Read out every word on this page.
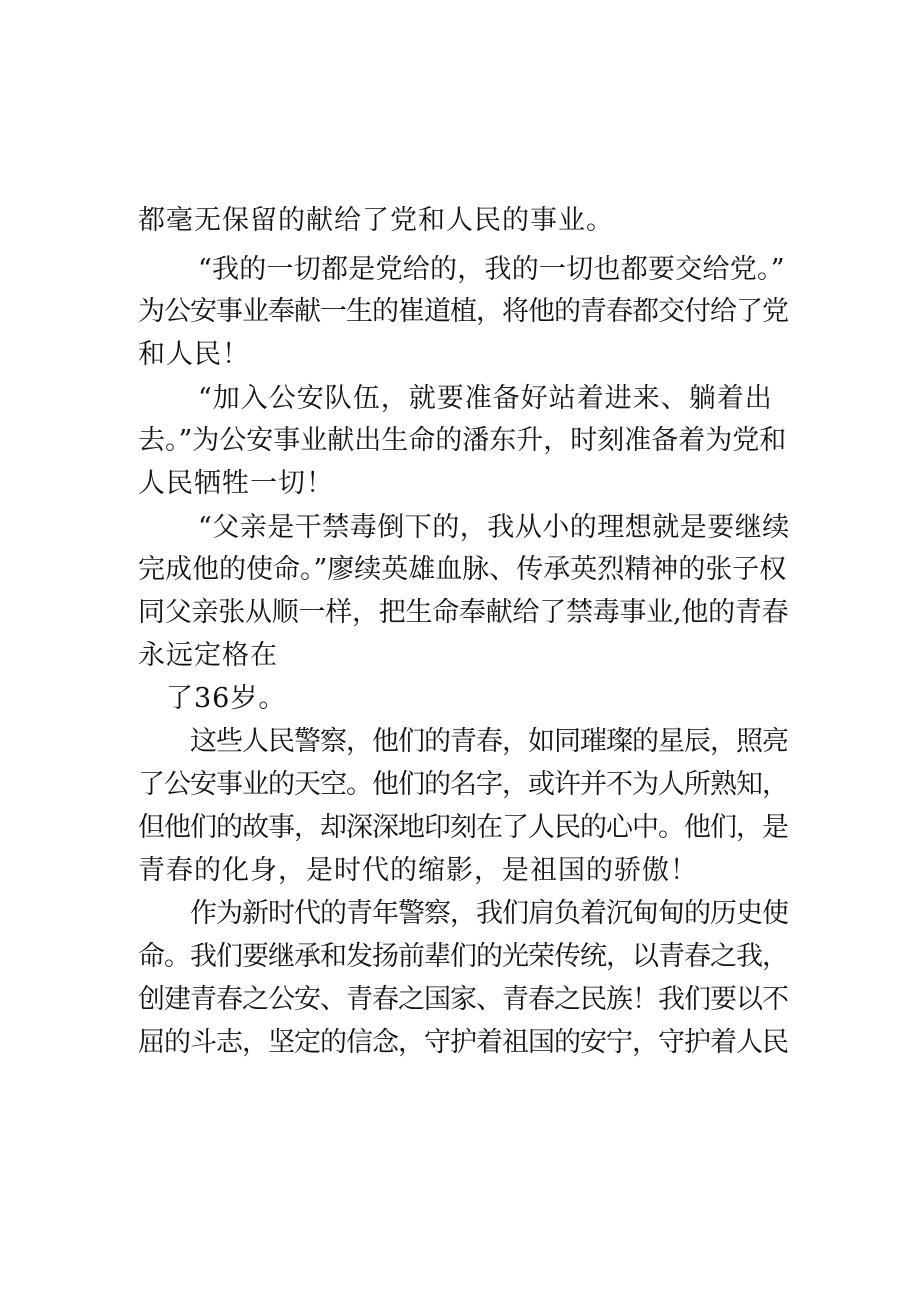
都毫无保留的献给了党和人民的事业。
“我的一切都是党给的，我的一切也都要交给党。”
为公安事业奉献一生的崔道植，将他的青春都交付给了党
和人民！
“加入公安队伍，就要准备好站着进来、躺着出
去。”为公安事业献出生命的潘东升，时刻准备着为党和
人民牺牲一切！
“父亲是干禁毒倒下的，我从小的理想就是要继续
完成他的使命。”廖续英雄血脉、传承英烈精神的张子权
同父亲张从顺一样，把生命奉献给了禁毒事业,他的青春
永远定格在
了36岁。
这些人民警察，他们的青春，如同璀璨的星辰，照亮
了公安事业的天空。他们的名字，或许并不为人所熟知，
但他们的故事，却深深地印刻在了人民的心中。他们，是
青春的化身，是时代的缩影，是祖国的骄傲！
作为新时代的青年警察，我们肩负着沉甸甸的历史使
命。我们要继承和发扬前辈们的光荣传统，以青春之我，
创建青春之公安、青春之国家、青春之民族！我们要以不
屈的斗志，坚定的信念，守护着祖国的安宁，守护着人民
